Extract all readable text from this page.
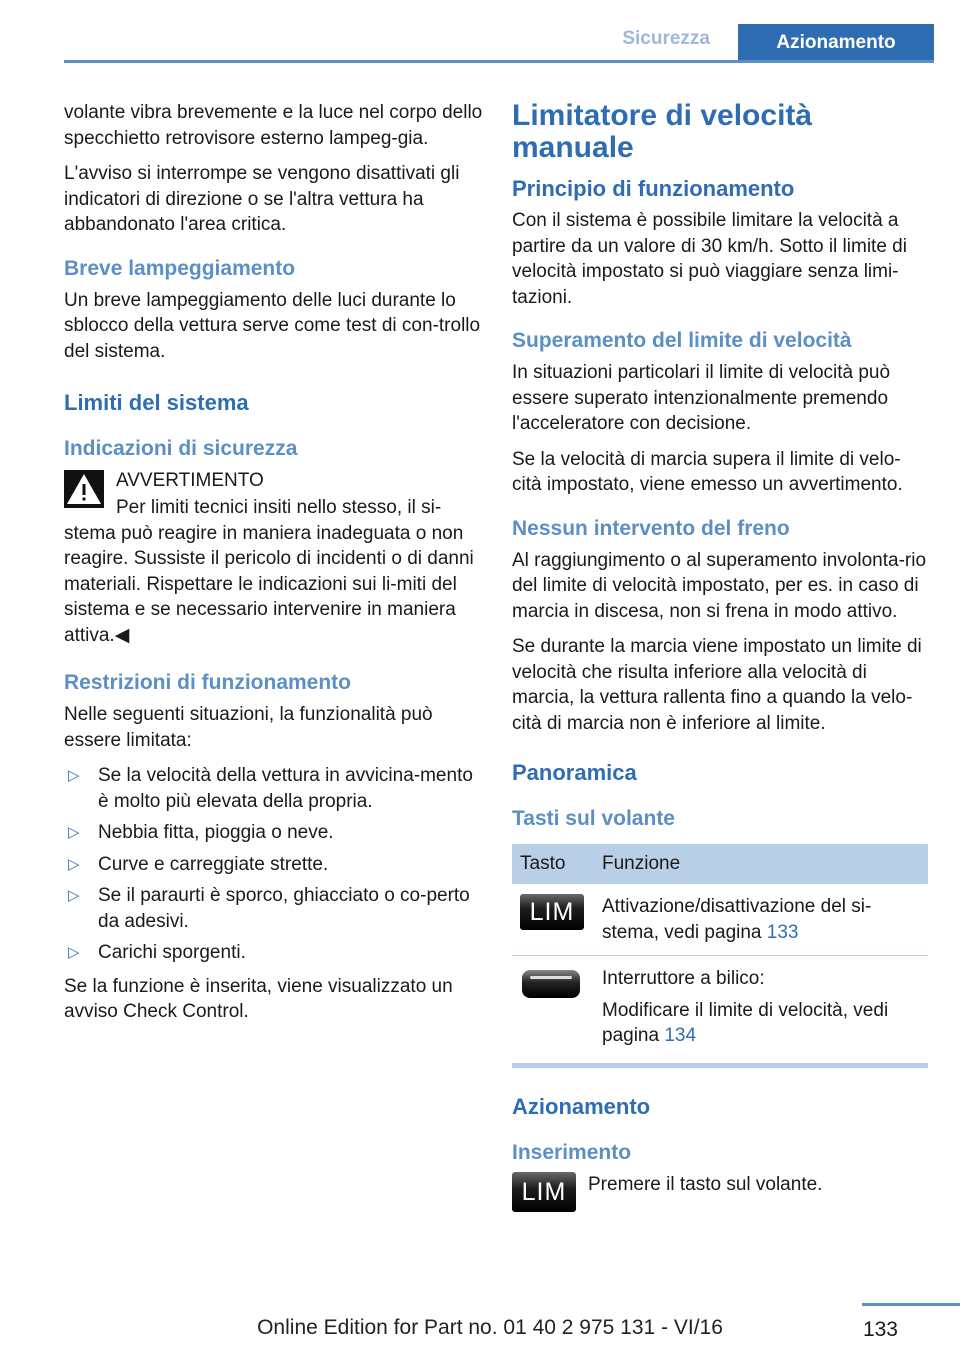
Sicurezza	Azionamento

volante vibra brevemente e la luce nel corpo dello specchietto retrovisore esterno lampeg‐gia.

L'avviso si interrompe se vengono disattivati gli indicatori di direzione o se l'altra vettura ha abbandonato l'area critica.

Breve lampeggiamento

Un breve lampeggiamento delle luci durante lo sblocco della vettura serve come test di con‐trollo del sistema.

Limiti del sistema
Indicazioni di sicurezza

AVVERTIMENTO

Per limiti tecnici insiti nello stesso, il si‐stema può reagire in maniera inadeguata o non reagire. Sussiste il pericolo di incidenti o di danni materiali. Rispettare le indicazioni sui li‐miti del sistema e se necessario intervenire in maniera attiva.◀

Restrizioni di funzionamento

Nelle seguenti situazioni, la funzionalità può essere limitata:

▷ Se la velocità della vettura in avvicina‐mento è molto più elevata della propria.
▷ Nebbia fitta, pioggia o neve.
▷ Curve e carreggiate strette.
▷ Se il paraurti è sporco, ghiacciato o co‐perto da adesivi.
▷ Carichi sporgenti.

Se la funzione è inserita, viene visualizzato un avviso Check Control.

Limitatore di velocità manuale
Principio di funzionamento

Con il sistema è possibile limitare la velocità a partire da un valore di 30 km/h. Sotto il limite di velocità impostato si può viaggiare senza limi‐tazioni.

Superamento del limite di velocità

In situazioni particolari il limite di velocità può essere superato intenzionalmente premendo l'acceleratore con decisione.

Se la velocità di marcia supera il limite di velo‐cità impostato, viene emesso un avvertimento.

Nessun intervento del freno

Al raggiungimento o al superamento involonta‐rio del limite di velocità impostato, per es. in caso di marcia in discesa, non si frena in modo attivo.

Se durante la marcia viene impostato un limite di velocità che risulta inferiore alla velocità di marcia, la vettura rallenta fino a quando la velo‐cità di marcia non è inferiore al limite.

Panoramica
Tasti sul volante
Tasto	Funzione

LIM	Attivazione/disattivazione del si‐stema, vedi pagina 133

	Interruttore a bilico:

Modificare il limite di velocità, vedi pagina 134
Azionamento
Inserimento
LIM	Premere il tasto sul volante.

133
Online Edition for Part no. 01 40 2 975 131 - VI/16
